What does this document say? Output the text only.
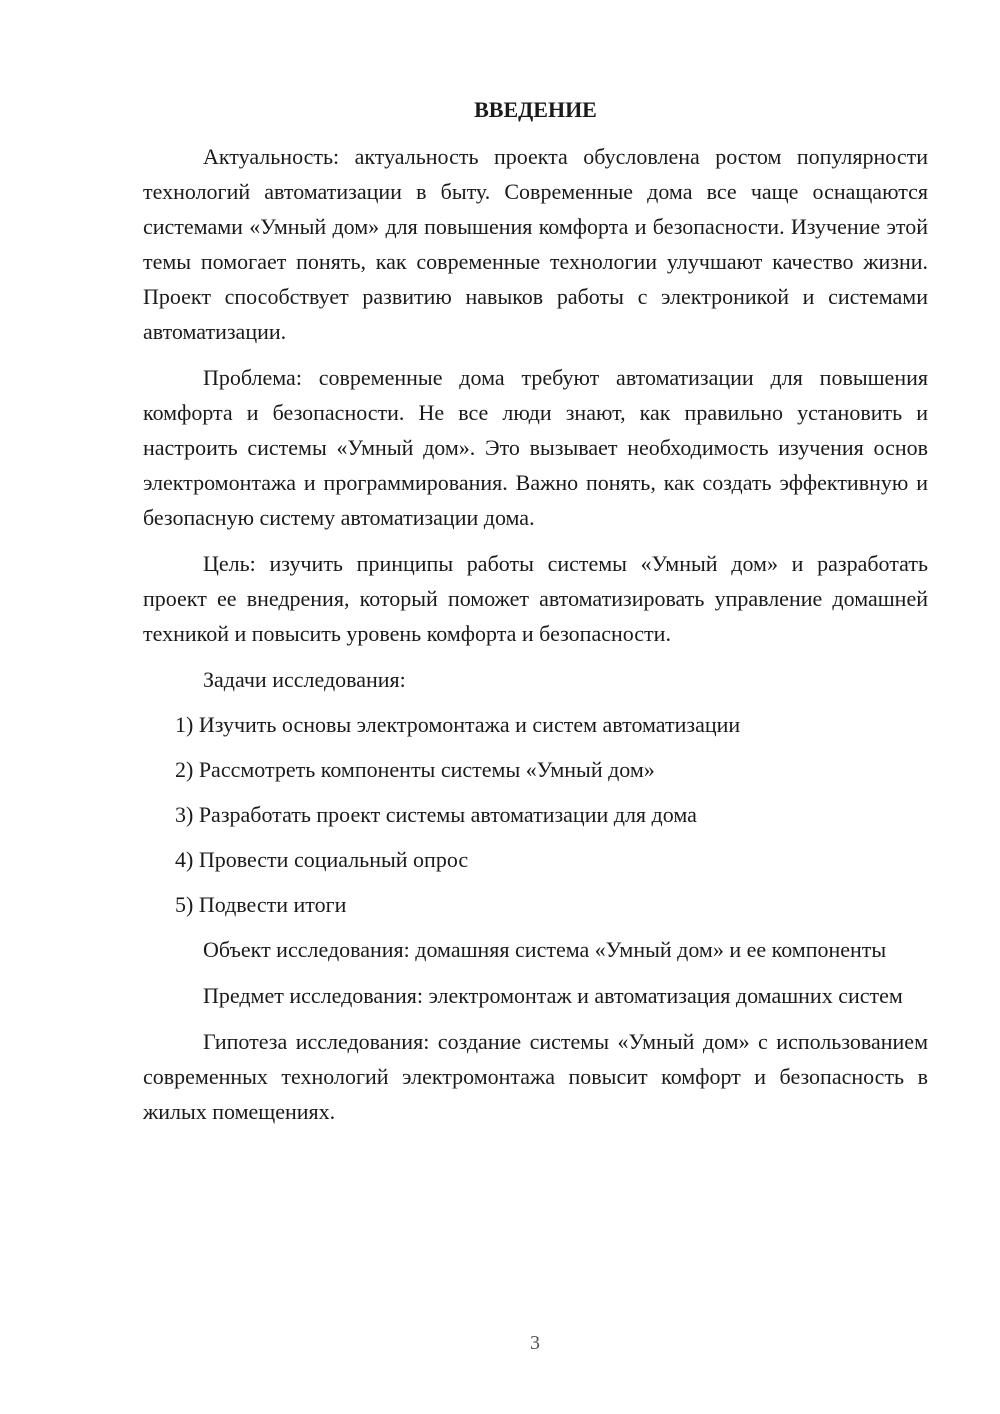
ВВЕДЕНИЕ

Актуальность: актуальность проекта обусловлена ростом популярности технологий автоматизации в быту. Современные дома все чаще оснащаются системами «Умный дом» для повышения комфорта и безопасности. Изучение этой темы помогает понять, как современные технологии улучшают качество жизни. Проект способствует развитию навыков работы с электроникой и системами автоматизации.

Проблема: современные дома требуют автоматизации для повышения комфорта и безопасности. Не все люди знают, как правильно установить и настроить системы «Умный дом». Это вызывает необходимость изучения основ электромонтажа и программирования. Важно понять, как создать эффективную и безопасную систему автоматизации дома.

Цель: изучить принципы работы системы «Умный дом» и разработать проект ее внедрения, который поможет автоматизировать управление домашней техникой и повысить уровень комфорта и безопасности.

Задачи исследования:
1) Изучить основы электромонтажа и систем автоматизации
2) Рассмотреть компоненты системы «Умный дом»
3) Разработать проект системы автоматизации для дома
4) Провести социальный опрос
5) Подвести итоги

Объект исследования: домашняя система «Умный дом» и ее компоненты

Предмет исследования: электромонтаж и автоматизация домашних систем

Гипотеза исследования: создание системы «Умный дом» с использованием современных технологий электромонтажа повысит комфорт и безопасность в жилых помещениях.

3
